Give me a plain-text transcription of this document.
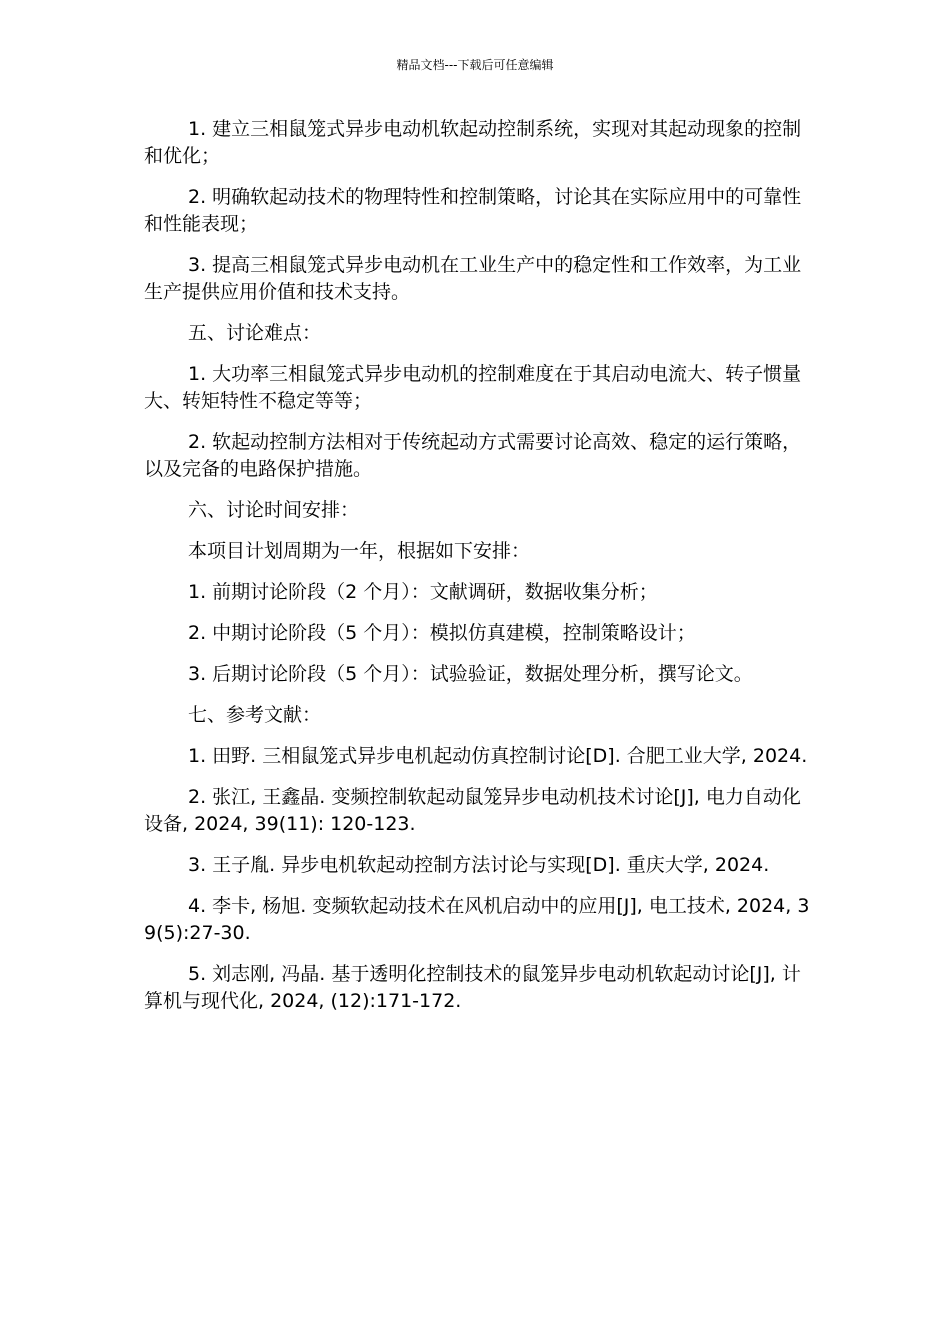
精品文档---下载后可任意编辑

1. 建立三相鼠笼式异步电动机软起动控制系统，实现对其起动现象的控制和优化；

2. 明确软起动技术的物理特性和控制策略，讨论其在实际应用中的可靠性和性能表现；

3. 提高三相鼠笼式异步电动机在工业生产中的稳定性和工作效率，为工业生产提供应用价值和技术支持。

五、讨论难点：

1. 大功率三相鼠笼式异步电动机的控制难度在于其启动电流大、转子惯量大、转矩特性不稳定等等；

2. 软起动控制方法相对于传统起动方式需要讨论高效、稳定的运行策略，以及完备的电路保护措施。

六、讨论时间安排：

本项目计划周期为一年，根据如下安排：

1. 前期讨论阶段（2 个月）：文献调研，数据收集分析；

2. 中期讨论阶段（5 个月）：模拟仿真建模，控制策略设计；

3. 后期讨论阶段（5 个月）：试验验证，数据处理分析，撰写论文。

七、参考文献：

1. 田野. 三相鼠笼式异步电机起动仿真控制讨论[D]. 合肥工业大学, 2024.

2. 张江, 王鑫晶. 变频控制软起动鼠笼异步电动机技术讨论[J], 电力自动化设备, 2024, 39(11): 120-123.

3. 王子胤. 异步电机软起动控制方法讨论与实现[D]. 重庆大学, 2024.

4. 李卡, 杨旭. 变频软起动技术在风机启动中的应用[J], 电工技术, 2024, 39(5):27-30.

5. 刘志刚, 冯晶. 基于透明化控制技术的鼠笼异步电动机软起动讨论[J], 计算机与现代化, 2024, (12):171-172.
